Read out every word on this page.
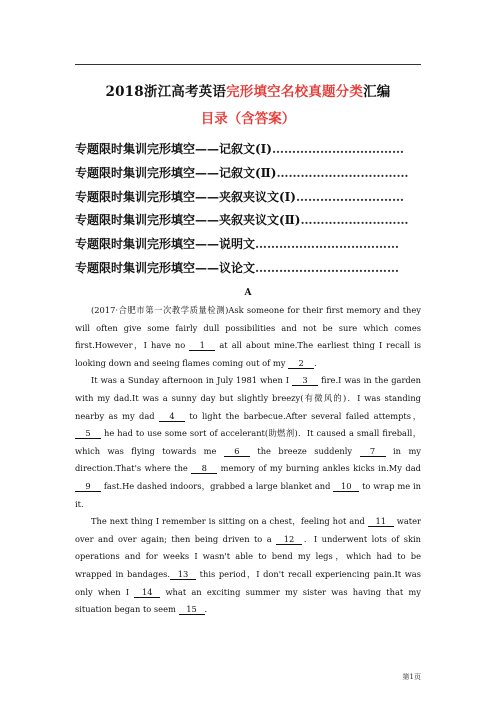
2018浙江高考英语完形填空名校真题分类汇编
目录（含答案）
专题限时集训完形填空——记叙文(Ⅰ)……………………………
专题限时集训完形填空——记叙文(Ⅱ)……………………………
专题限时集训完形填空——夹叙夹议文(Ⅰ)………………………
专题限时集训完形填空——夹叙夹议文(Ⅱ)………………………
专题限时集训完形填空——说明文………………………………
专题限时集训完形填空——议论文………………………………
A

(2017·合肥市第一次教学质量检测)Ask someone for their first memory and they will often give some fairly dull possibilities and not be sure which comes first.However，I have no 1 at all about mine.The earliest thing I recall is looking down and seeing flames coming out of my 2 .

It was a Sunday afternoon in July 1981 when I 3 fire.I was in the garden with my dad.It was a sunny day but slightly breezy(有微风的)．I was standing nearby as my dad 4 to light the barbecue.After several failed attempts，5 he had to use some sort of accelerant(助燃剂)．It caused a small fireball，which was flying towards me 6 the breeze suddenly 7 in my direction.That's where the 8 memory of my burning ankles kicks in.My dad 9 fast.He dashed indoors，grabbed a large blanket and 10 to wrap me in it.

The next thing I remember is sitting on a chest，feeling hot and 11 water over and over again; then being driven to a 12 ．I underwent lots of skin operations and for weeks I wasn't able to bend my legs，which had to be wrapped in bandages. 13 this period，I don't recall experiencing pain.It was only when I 14 what an exciting summer my sister was having that my situation began to seem 15 .

第1页
